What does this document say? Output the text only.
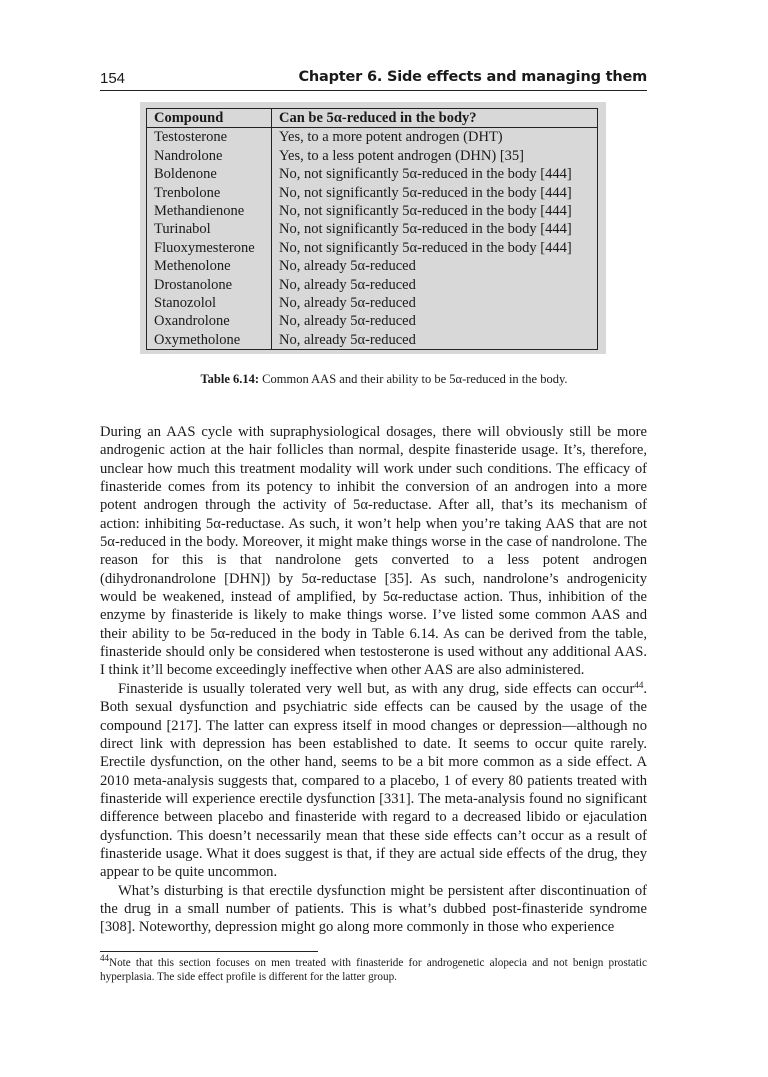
154	Chapter 6. Side effects and managing them
Compound	Can be 5α-reduced in the body?
Testosterone	Yes, to a more potent androgen (DHT)
Nandrolone	Yes, to a less potent androgen (DHN) [35]
Boldenone	No, not significantly 5α-reduced in the body [444]
Trenbolone	No, not significantly 5α-reduced in the body [444]
Methandienone	No, not significantly 5α-reduced in the body [444]
Turinabol	No, not significantly 5α-reduced in the body [444]
Fluoxymesterone	No, not significantly 5α-reduced in the body [444]
Methenolone	No, already 5α-reduced
Drostanolone	No, already 5α-reduced
Stanozolol	No, already 5α-reduced
Oxandrolone	No, already 5α-reduced
Oxymetholone	No, already 5α-reduced
Table 6.14: Common AAS and their ability to be 5α-reduced in the body.

During an AAS cycle with supraphysiological dosages, there will obviously still be more androgenic action at the hair follicles than normal, despite finasteride usage. It’s, therefore, unclear how much this treatment modality will work under such conditions. The efficacy of finasteride comes from its potency to inhibit the conversion of an androgen into a more potent androgen through the activity of 5α-reductase. After all, that’s its mechanism of action: inhibiting 5α-reductase. As such, it won’t help when you’re taking AAS that are not 5α-reduced in the body. Moreover, it might make things worse in the case of nandrolone. The reason for this is that nandrolone gets converted to a less potent androgen (dihydronandrolone [DHN]) by 5α-reductase [35]. As such, nandrolone’s androgenicity would be weakened, instead of amplified, by 5α-reductase action. Thus, inhibition of the enzyme by finasteride is likely to make things worse. I’ve listed some common AAS and their ability to be 5α-reduced in the body in Table 6.14. As can be derived from the table, finasteride should only be considered when testosterone is used without any additional AAS. I think it’ll become exceedingly ineffective when other AAS are also administered.

Finasteride is usually tolerated very well but, as with any drug, side effects can occur$^{44}$. Both sexual dysfunction and psychiatric side effects can be caused by the usage of the compound [217]. The latter can express itself in mood changes or depression—although no direct link with depression has been established to date. It seems to occur quite rarely. Erectile dysfunction, on the other hand, seems to be a bit more common as a side effect. A 2010 meta-analysis suggests that, compared to a placebo, 1 of every 80 patients treated with finasteride will experience erectile dysfunction [331]. The meta-analysis found no significant difference between placebo and finasteride with regard to a decreased libido or ejaculation dysfunction. This doesn’t necessarily mean that these side effects can’t occur as a result of finasteride usage. What it does suggest is that, if they are actual side effects of the drug, they appear to be quite uncommon.

What’s disturbing is that erectile dysfunction might be persistent after discontinuation of the drug in a small number of patients. This is what’s dubbed post-finasteride syndrome [308]. Noteworthy, depression might go along more commonly in those who experience

$^{44}$Note that this section focuses on men treated with finasteride for androgenetic alopecia and not benign prostatic hyperplasia. The side effect profile is different for the latter group.
